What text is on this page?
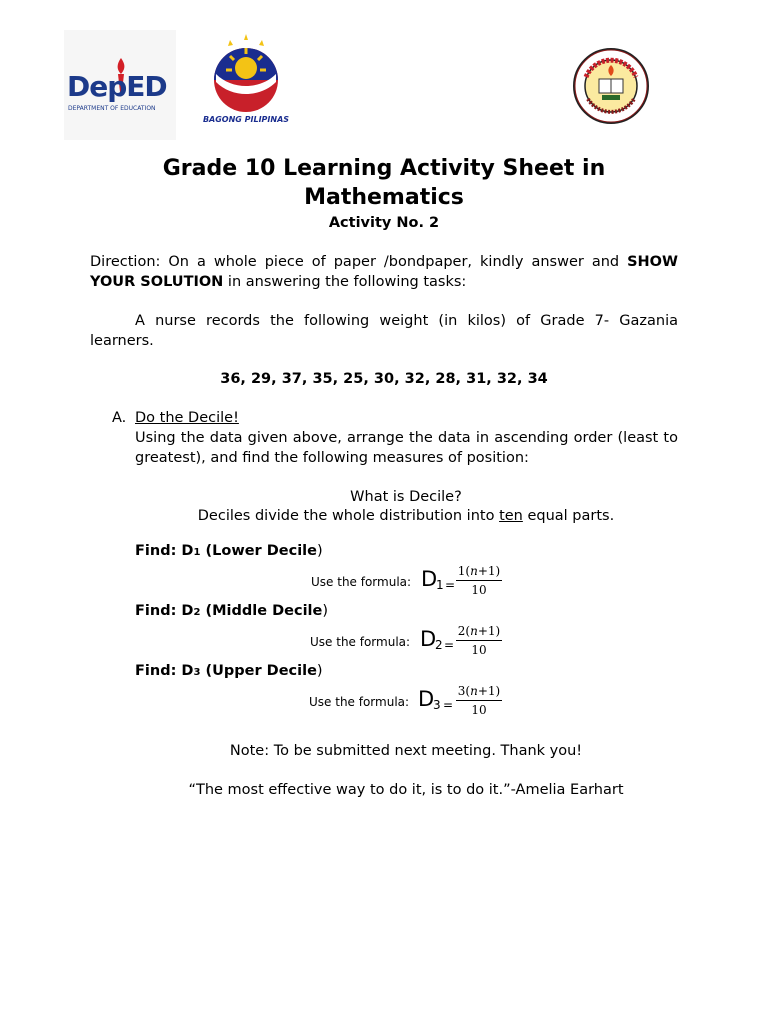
DepED
DEPARTMENT OF EDUCATION
BAGONG PILIPINAS
Grade 10 Learning Activity Sheet in
Mathematics
Activity No. 2
Direction: On a whole piece of paper /bondpaper, kindly answer and SHOW YOUR SOLUTION in answering the following tasks:
A nurse records the following weight (in kilos) of Grade 7- Gazania learners.
36, 29, 37, 35, 25, 30, 32, 28, 31, 32, 34
A. Do the Decile!
Using the data given above, arrange the data in ascending order (least to greatest), and find the following measures of position:
What is Decile?
Deciles divide the whole distribution into ten equal parts.
Find: D1 (Lower Decile)
Use the formula: D
$1 = \frac{1(n+1)}{10}$
Find: D2 (Middle Decile)
Use the formula: D
$2 = \frac{2(n+1)}{10}$
Find: D3 (Upper Decile)
Use the formula: D
$3 = \frac{3(n+1)}{10}$
Note: To be submitted next meeting. Thank you!
“The most effective way to do it, is to do it.”-Amelia Earhart
